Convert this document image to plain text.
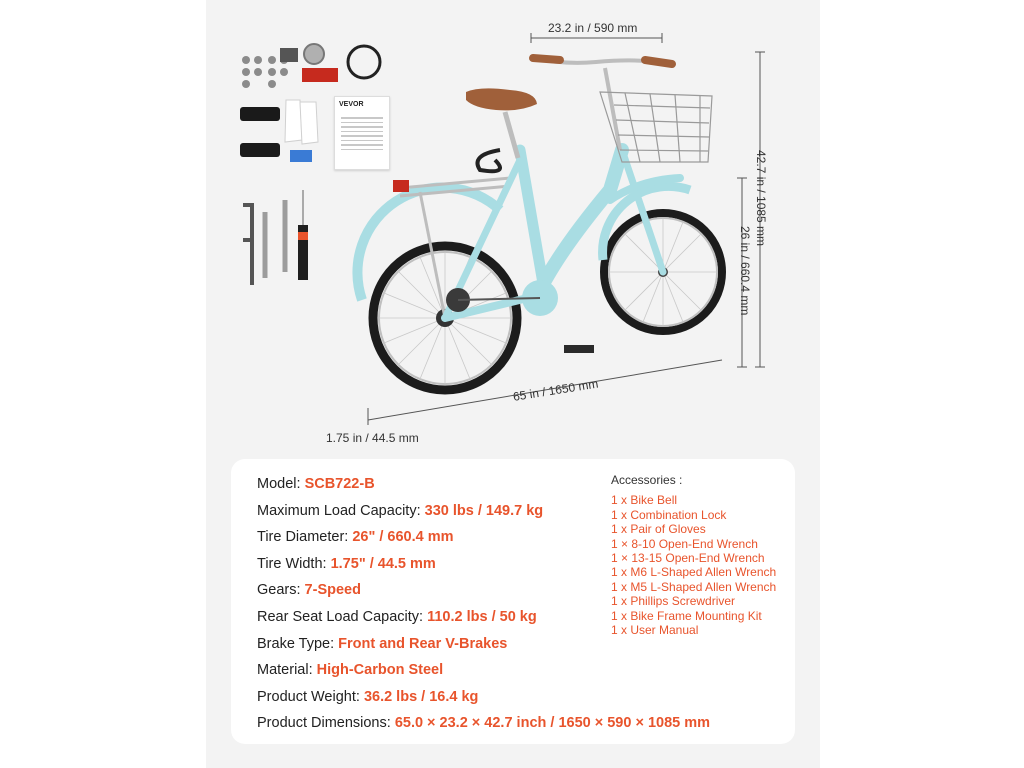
VEVOR
23.2 in / 590 mm
65 in / 1650 mm
1.75 in / 44.5 mm
42.7 in / 1085 mm
26 in / 660.4 mm
Model: SCB722-B
Maximum Load Capacity: 330 lbs / 149.7 kg
Tire Diameter: 26" / 660.4 mm
Tire Width: 1.75" / 44.5 mm
Gears: 7-Speed
Rear Seat Load Capacity: 110.2 lbs / 50 kg
Brake Type: Front and Rear V-Brakes
Material: High-Carbon Steel
Product Weight: 36.2 lbs / 16.4 kg
Product Dimensions: 65.0 × 23.2 × 42.7 inch / 1650 × 590 × 1085 mm
Accessories :
1 x Bike Bell
1 x Combination Lock
1 x Pair of Gloves
1 × 8-10 Open-End Wrench
1 × 13-15 Open-End Wrench
1 x M6 L-Shaped Allen Wrench
1 x M5 L-Shaped Allen Wrench
1 x Phillips Screwdriver
1 x Bike Frame Mounting Kit
1 x User Manual
